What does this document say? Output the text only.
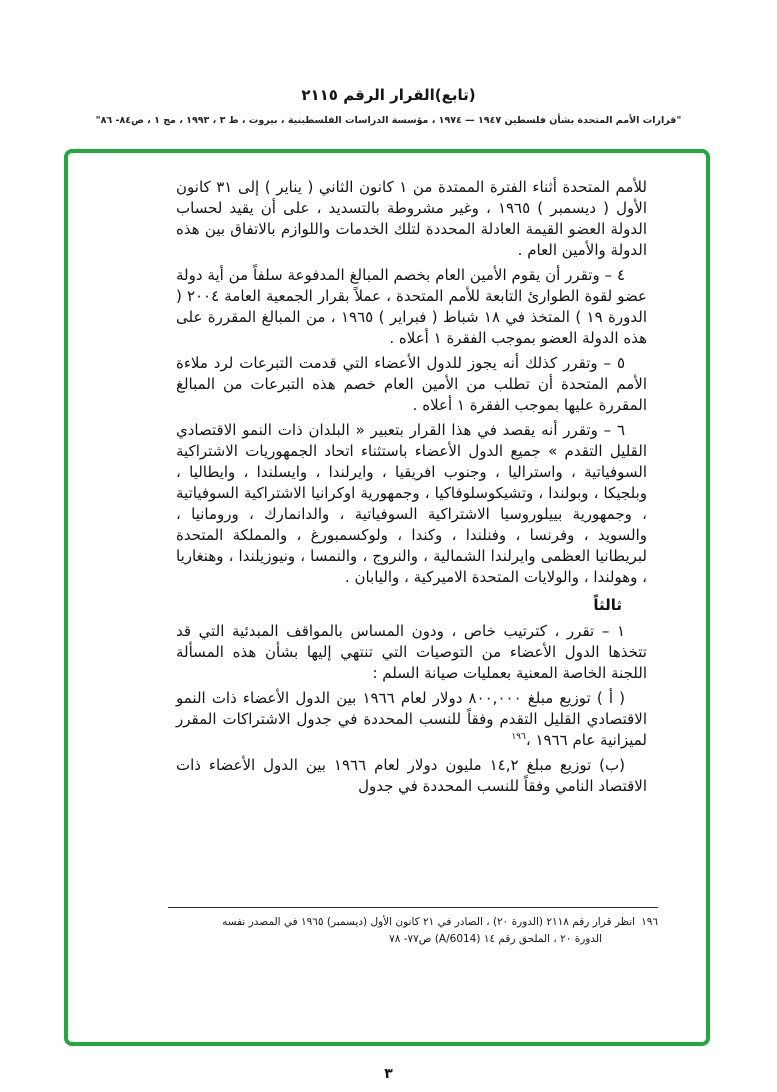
(تابع)القرار الرقم ٢١١٥
"قرارات الأمم المتحدة بشأن فلسطين ١٩٤٧ — ١٩٧٤ ، مؤسسة الدراسات الفلسطينية ، بيروت ، ط ٣ ، ١٩٩٣ ، مج ١ ، ص٨٤- ٨٦"

للأمم المتحدة أثناء الفترة الممتدة من ١ كانون الثاني ( يناير ) إلى ٣١ كانون الأول ( ديسمبر ) ١٩٦٥ ، وغير مشروطة بالتسديد ، على أن يقيد لحساب الدولة العضو القيمة العادلة المحددة لتلك الخدمات واللوازم بالاتفاق بين هذه الدولة والأمين العام .

٤ – وتقرر أن يقوم الأمين العام بخصم المبالغ المدفوعة سلفاً من أية دولة عضو لقوة الطوارئ التابعة للأمم المتحدة ، عملاً بقرار الجمعية العامة ٢٠٠٤ ( الدورة ١٩ ) المتخذ في ١٨ شباط ( فبراير ) ١٩٦٥ ، من المبالغ المقررة على هذه الدولة العضو بموجب الفقرة ١ أعلاه .

٥ – وتقرر كذلك أنه يجوز للدول الأعضاء التي قدمت التبرعات لرد ملاءة الأمم المتحدة أن تطلب من الأمين العام خصم هذه التبرعات من المبالغ المقررة عليها بموجب الفقرة ١ أعلاه .

٦ – وتقرر أنه يقصد في هذا القرار بتعبير « البلدان ذات النمو الاقتصادي القليل التقدم » جميع الدول الأعضاء باستثناء اتحاد الجمهوريات الاشتراكية السوفياتية ، واستراليا ، وجنوب افريقيا ، وايرلندا ، وايسلندا ، وايطاليا ، وبلجيكا ، وبولندا ، وتشيكوسلوفاكيا ، وجمهورية اوكرانيا الاشتراكية السوفياتية ، وجمهورية بييلوروسيا الاشتراكية السوفياتية ، والدانمارك ، ورومانيا ، والسويد ، وفرنسا ، وفنلندا ، وكندا ، ولوكسمبورغ ، والمملكة المتحدة لبريطانيا العظمى وايرلندا الشمالية ، والنروج ، والنمسا ، ونيوزيلندا ، وهنغاريا ، وهولندا ، والولايات المتحدة الاميركية ، واليابان .

ثالثاً

١ – تقرر ، كترتيب خاص ، ودون المساس بالمواقف المبدئية التي قد تتخذها الدول الأعضاء من التوصيات التي تنتهي إليها بشأن هذه المسألة اللجنة الخاصة المعنية بعمليات صيانة السلم :

( أ ) توزيع مبلغ ٨٠٠,٠٠٠ دولار لعام ١٩٦٦ بين الدول الأعضاء ذات النمو الاقتصادي القليل التقدم وفقاً للنسب المحددة في جدول الاشتراكات المقرر لميزانية عام ١٩٦٦ ،$^{١٩٦}$

(ب) توزيع مبلغ ١٤,٢ مليون دولار لعام ١٩٦٦ بين الدول الأعضاء ذات الاقتصاد النامي وفقاً للنسب المحددة في جدول

١٩٦انظر قرار رقم ٢١١٨ (الدورة ٢٠) ، الصادر في ٢١ كانون الأول (ديسمبر) ١٩٦٥ في المصدر نفسه
الدورة ٢٠ ، الملحق رقم ١٤ (A/6014) ص٧٧- ٧٨
٣
